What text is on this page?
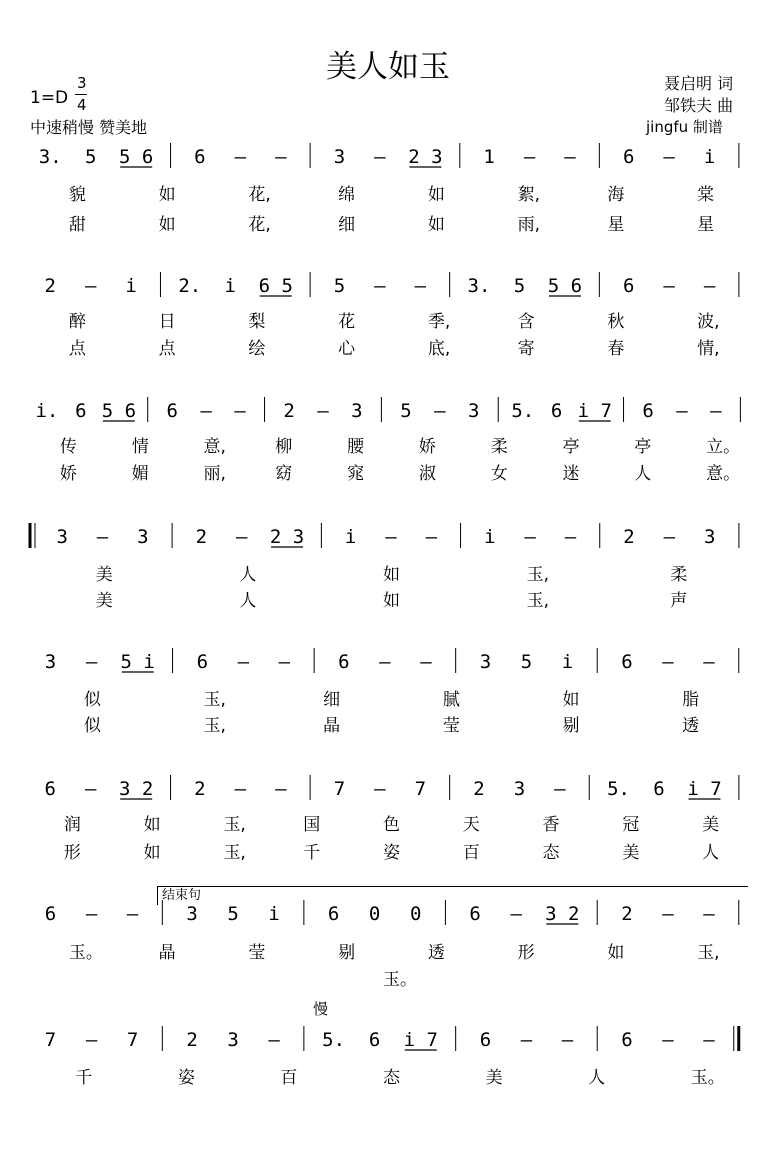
美人如玉
1=D
3
4
中速稍慢 赞美地
聂启明 词
邹铁夫 曲
jingfu 制谱
结束句
慢
3. 5 5 6 6 – – 3 – 2 3 1 – – 6 – i
貌	如	花,	绵	如	絮,	海	棠
甜	如	花,	细	如	雨,	星	星
2 – i 2. i 6 5 5 – – 3. 5 5 6 6 – –
醉	日	梨	花	季,	含	秋	波,
点	点	绘	心	底,	寄	春	情,
i. 6 5 6 6 – – 2 – 3 5 – 3 5. 6 i 7 6 – –
传	情	意,	柳	腰	娇	柔	亭	亭	立。
娇	媚	丽,	窈	窕	淑	女	迷	人	意。
3 – 3 2 – 2 3 i – – i – – 2 – 3
美	人	如	玉,	柔
美	人	如	玉,	声
3 – 5 i 6 – –	6 – –	3 5 i	6 – –
似	玉,	细	腻	如	脂
似	玉,	晶	莹	剔	透
6 – 3 2 2 – – 7 – 7 2 3 – 5. 6 i 7
润	如	玉,	国	色	天	香	冠	美
形	如	玉,	千	姿	百	态	美	人
6 – –	3 5 i	6 0 0	6 – 3 2 2 – –
玉。	晶	莹	剔	透	形	如	玉,
玉。
7 – 7	2 3 – 5. 6 i 7 6 – –	6 – –
千	姿	百	态	美	人	玉。
